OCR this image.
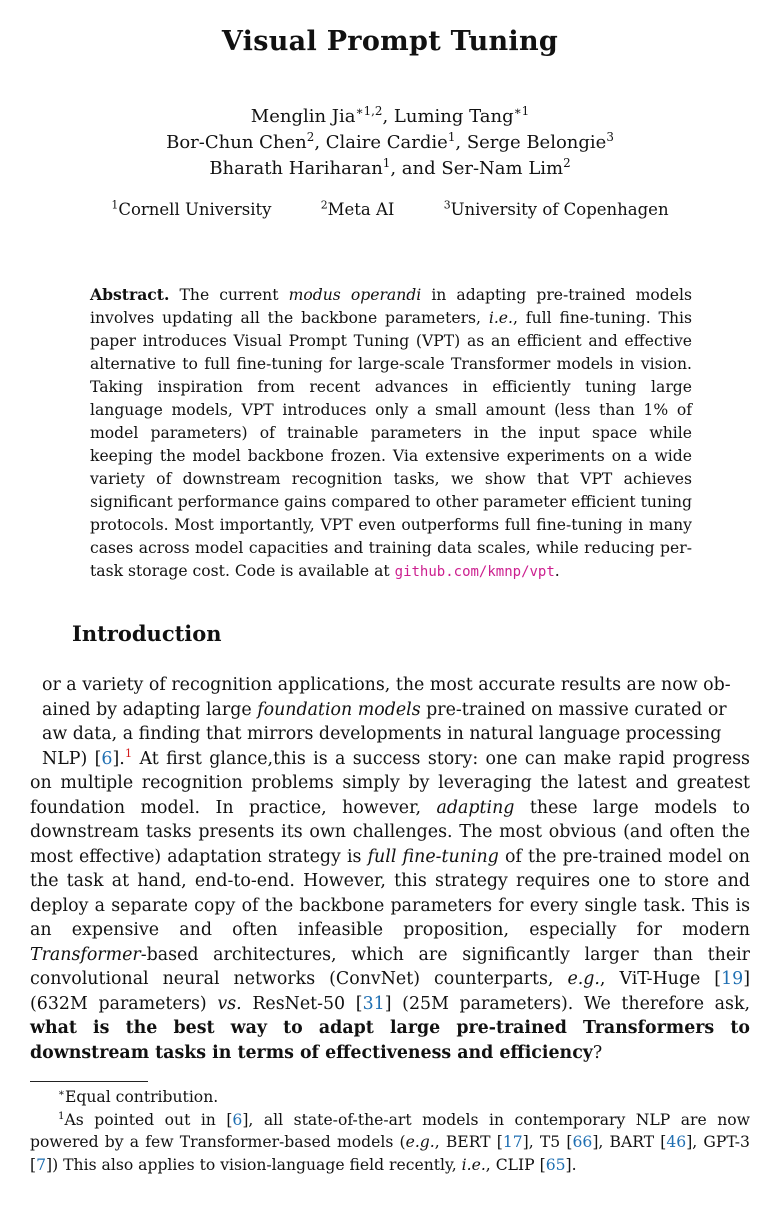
Visual Prompt Tuning
Menglin Jia$^{∗1,2}$, Luming Tang$^{∗1}$
Bor-Chun Chen$^2$, Claire Cardie$^1$, Serge Belongie$^3$
Bharath Hariharan$^1$, and Ser-Nam Lim$^2$
$^1$Cornell University	$^2$Meta AI	$^3$University of Copenhagen
Abstract. The current modus operandi in adapting pre-trained models involves updating all the backbone parameters, i.e., full fine-tuning. This paper introduces Visual Prompt Tuning (VPT) as an efficient and effective alternative to full fine-tuning for large-scale Transformer models in vision. Taking inspiration from recent advances in efficiently tuning large language models, VPT introduces only a small amount (less than 1% of model parameters) of trainable parameters in the input space while keeping the model backbone frozen. Via extensive experiments on a wide variety of downstream recognition tasks, we show that VPT achieves significant performance gains compared to other parameter efficient tuning protocols. Most importantly, VPT even outperforms full fine-tuning in many cases across model capacities and training data scales, while reducing per-task storage cost. Code is available at github.com/kmnp/vpt.
Introduction
or a variety of recognition applications, the most accurate results are now ob-
ained by adapting large foundation models pre-trained on massive curated or
aw data, a finding that mirrors developments in natural language processing
NLP) [6].$^1$ At first glance,this is a success story: one can make rapid progress on multiple recognition problems simply by leveraging the latest and greatest foundation model. In practice, however, adapting these large models to downstream tasks presents its own challenges. The most obvious (and often the most effective) adaptation strategy is full fine-tuning of the pre-trained model on the task at hand, end-to-end. However, this strategy requires one to store and deploy a separate copy of the backbone parameters for every single task. This is an expensive and often infeasible proposition, especially for modern Transformer-based architectures, which are significantly larger than their convolutional neural networks (ConvNet) counterparts, e.g., ViT-Huge [19] (632M parameters) vs. ResNet-50 [31] (25M parameters). We therefore ask, what is the best way to adapt large pre-trained Transformers to downstream tasks in terms of effectiveness and efficiency?
∗Equal contribution.
$^1$As pointed out in [6], all state-of-the-art models in contemporary NLP are now powered by a few Transformer-based models (e.g., BERT [17], T5 [66], BART [46], GPT-3 [7]) This also applies to vision-language field recently, i.e., CLIP [65].
